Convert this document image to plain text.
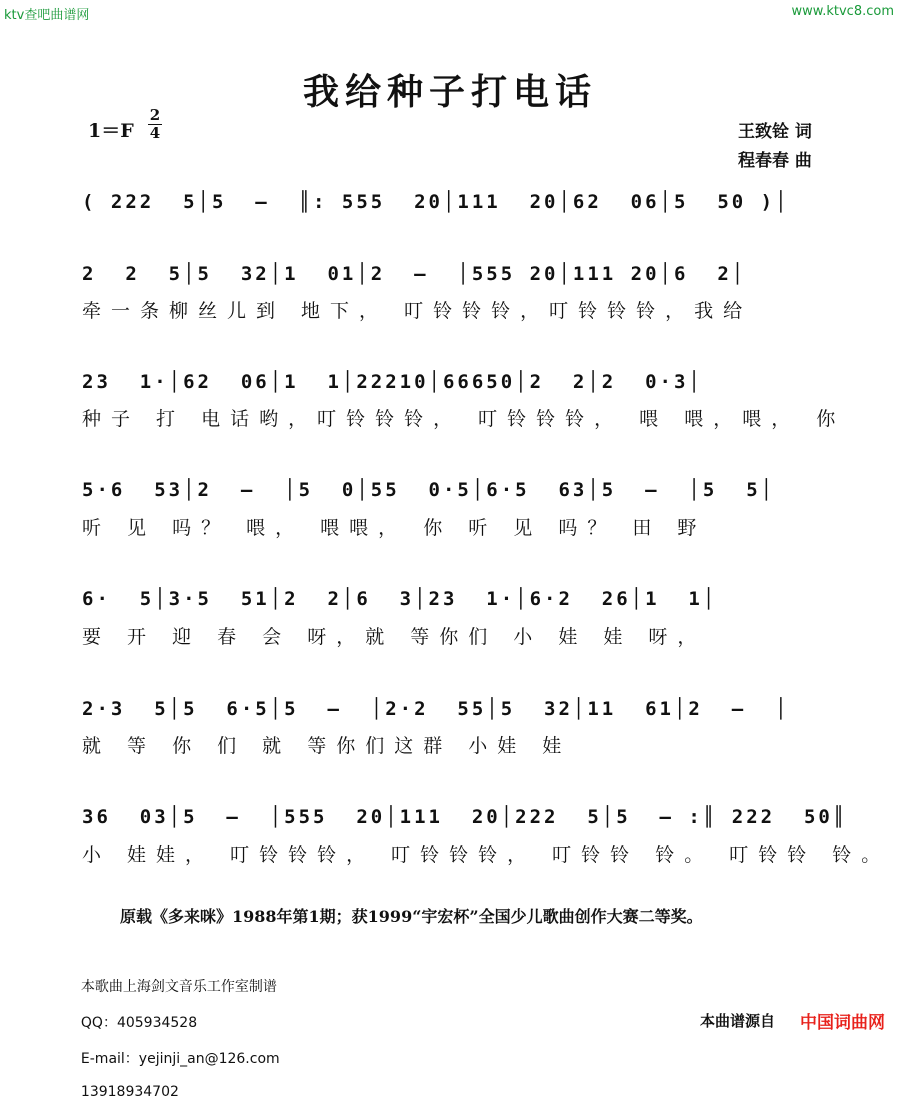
ktv查吧曲谱网	www.ktvc8.com
我给种子打电话
1＝F
2
4	王致铨 词
程春春 曲
( 222  5│5  –  ║: 555  20│111  20│62  06│5  50 )│
2  2  5│5  32│1  01│2  –  │555 20│111 20│6  2│
牵一条柳丝儿到 地下， 叮铃铃铃，叮铃铃铃，我给
23  1·│62  06│1  1│22210│66650│2  2│2  0·3│
种子 打 电话哟，叮铃铃铃， 叮铃铃铃， 喂 喂，喂， 你
5·6  53│2  –  │5  0│55  0·5│6·5  63│5  –  │5  5│
听 见 吗？ 喂， 喂喂， 你 听 见 吗？ 田 野
6·  5│3·5  51│2  2│6  3│23  1·│6·2  26│1  1│
要 开 迎 春 会 呀，就 等你们 小 娃 娃 呀，
2·3  5│5  6·5│5  –  │2·2  55│5  32│11  61│2  –  │
就 等 你 们 就 等你们这群 小娃 娃
36  03│5  –  │555  20│111  20│222  5│5  – :║ 222  50║
小 娃娃， 叮铃铃铃， 叮铃铃铃， 叮铃铃 铃。 叮铃铃 铃。
原载《多来咪》1988年第1期；获1999“宇宏杯”全国少儿歌曲创作大赛二等奖。

本歌曲上海剑文音乐工作室制谱

QQ：405934528

E-mail：yejinji_an@126.com

13918934702

本曲谱源自 中国词曲网
